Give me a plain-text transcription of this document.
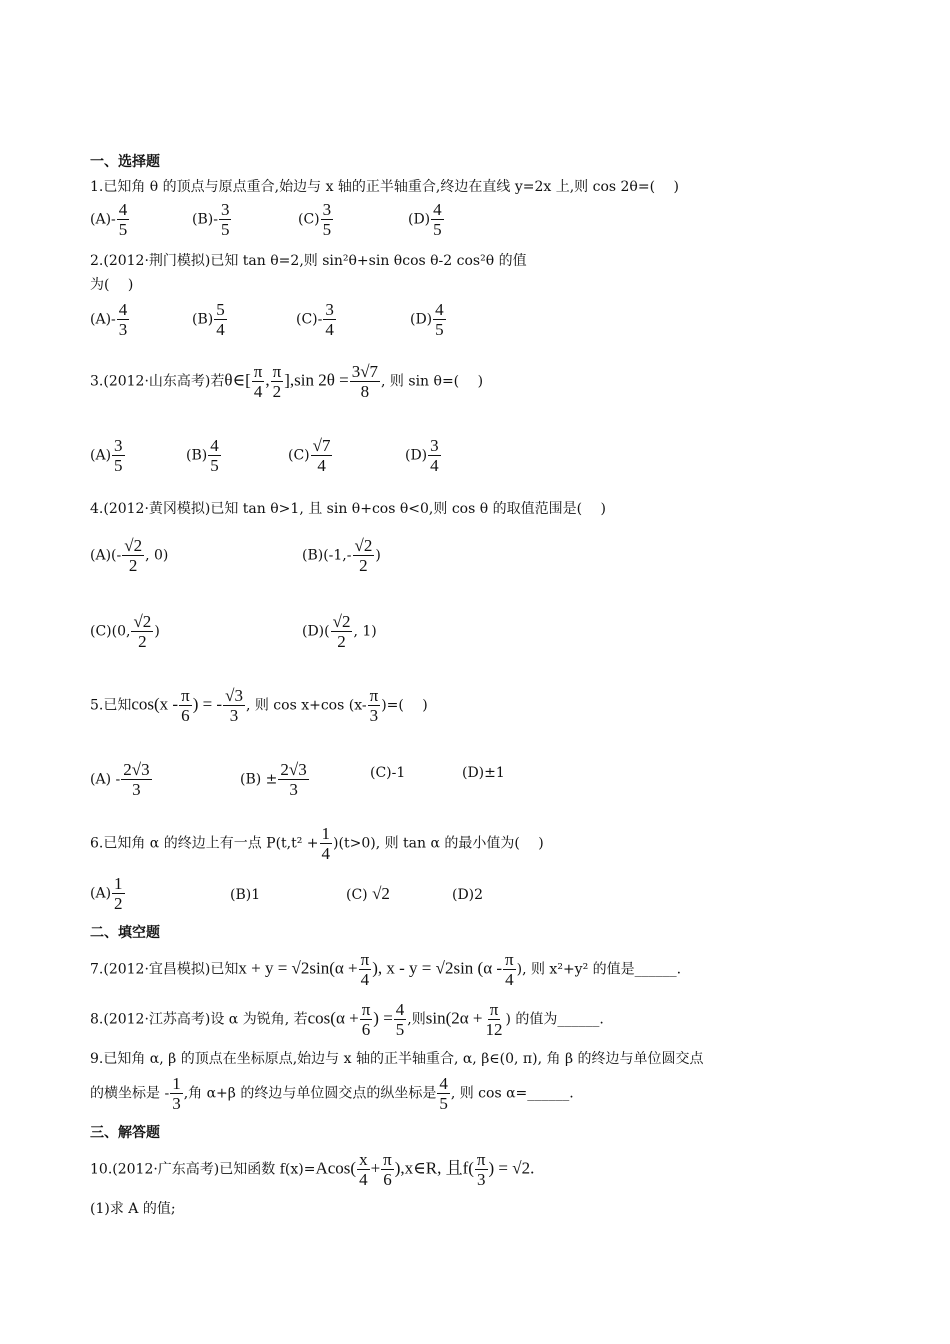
一、选择题
1.已知角 θ 的顶点与原点重合,始边与 x 轴的正半轴重合,终边在直线 y=2x 上,则 cos 2θ=(　 )
$(A)- \frac{4}{5}$	$(B)- \frac{3}{5}$	$(C) \frac{3}{5}$	$(D) \frac{4}{5}$
2.(2012·荆门模拟)已知 tan θ=2,则 sin²θ+sin θcos θ-2 cos²θ 的值
为(　 )
$(A)- \frac{4}{3}$	$(B) \frac{5}{4}$	$(C)- \frac{3}{4}$	$(D) \frac{4}{5}$
3.(2012·山东高考)若θ∈[ $\frac{\pi}{4}$ , $\frac{\pi}{2} ],\sin$ $2\theta = \frac{3√7}{8}$ , 则 sin θ=(　 )
$(A) \frac{3}{5}$	$(B) \frac{4}{5}$	$(C) \frac{√7}{4}$	$(D) \frac{3}{4}$
4.(2012·黄冈模拟)已知 tan θ>1, 且 sin θ+cos θ<0,则 cos θ 的取值范围是(　 )
$(A)(- \frac{√2}{2}$ , 0)	$(B)(-1,- \frac{√2}{2}$ )
(C)(0, $\frac{√2}{2}$ )	$(D)( \frac{√2}{2}$ , 1)
5.已知$\cos(x - \frac{\pi}{6}$ ) = - $\frac{√3}{3}$ , 则 cos x+cos ($x- \frac{\pi}{3}$ )=(　 )
$(A) - \frac{2√3}{3}$	$(B) \pm \frac{2√3}{3}$	(C)-1	(D)±1
6.已知角 α 的终边上有一点 $P(t,t^2 + \frac{1}{4} )(t>0)$, 则 tan α 的最小值为(　 )
$(A) \frac{1}{2}$	(B)1	(C) √2	(D)2
二、填空题
7.(2012·宜昌模拟)已知$x + y = √2\sin(\alpha + \frac{\pi}{4}$ ), x - y = √2sin ($\alpha - \frac{\pi}{4}$ ), 则 x²+y² 的值是______.
8.(2012·江苏高考)设 α 为锐角, 若$\cos(\alpha + \frac{\pi}{6}$ ) = $\frac{4}{5}$ ,则$\sin(2\alpha + \frac{\pi}{12}$ ) 的值为______.
9.已知角 α, β 的顶点在坐标原点,始边与 x 轴的正半轴重合, α, β∈(0, π), 角 β 的终边与单位圆交点
的横坐标是 - $\frac{1}{3}$ ,角 α+β 的终边与单位圆交点的纵坐标是 $\frac{4}{5}$ , 则 cos α=______.
三、解答题
10.(2012·广东高考)已知函数 $f(x)=Acos( \frac{x}{4} + \frac{\pi}{6}$ ),x∈R, 且$f( \frac{\pi}{3}$ ) = √2.
(1)求 A 的值;
